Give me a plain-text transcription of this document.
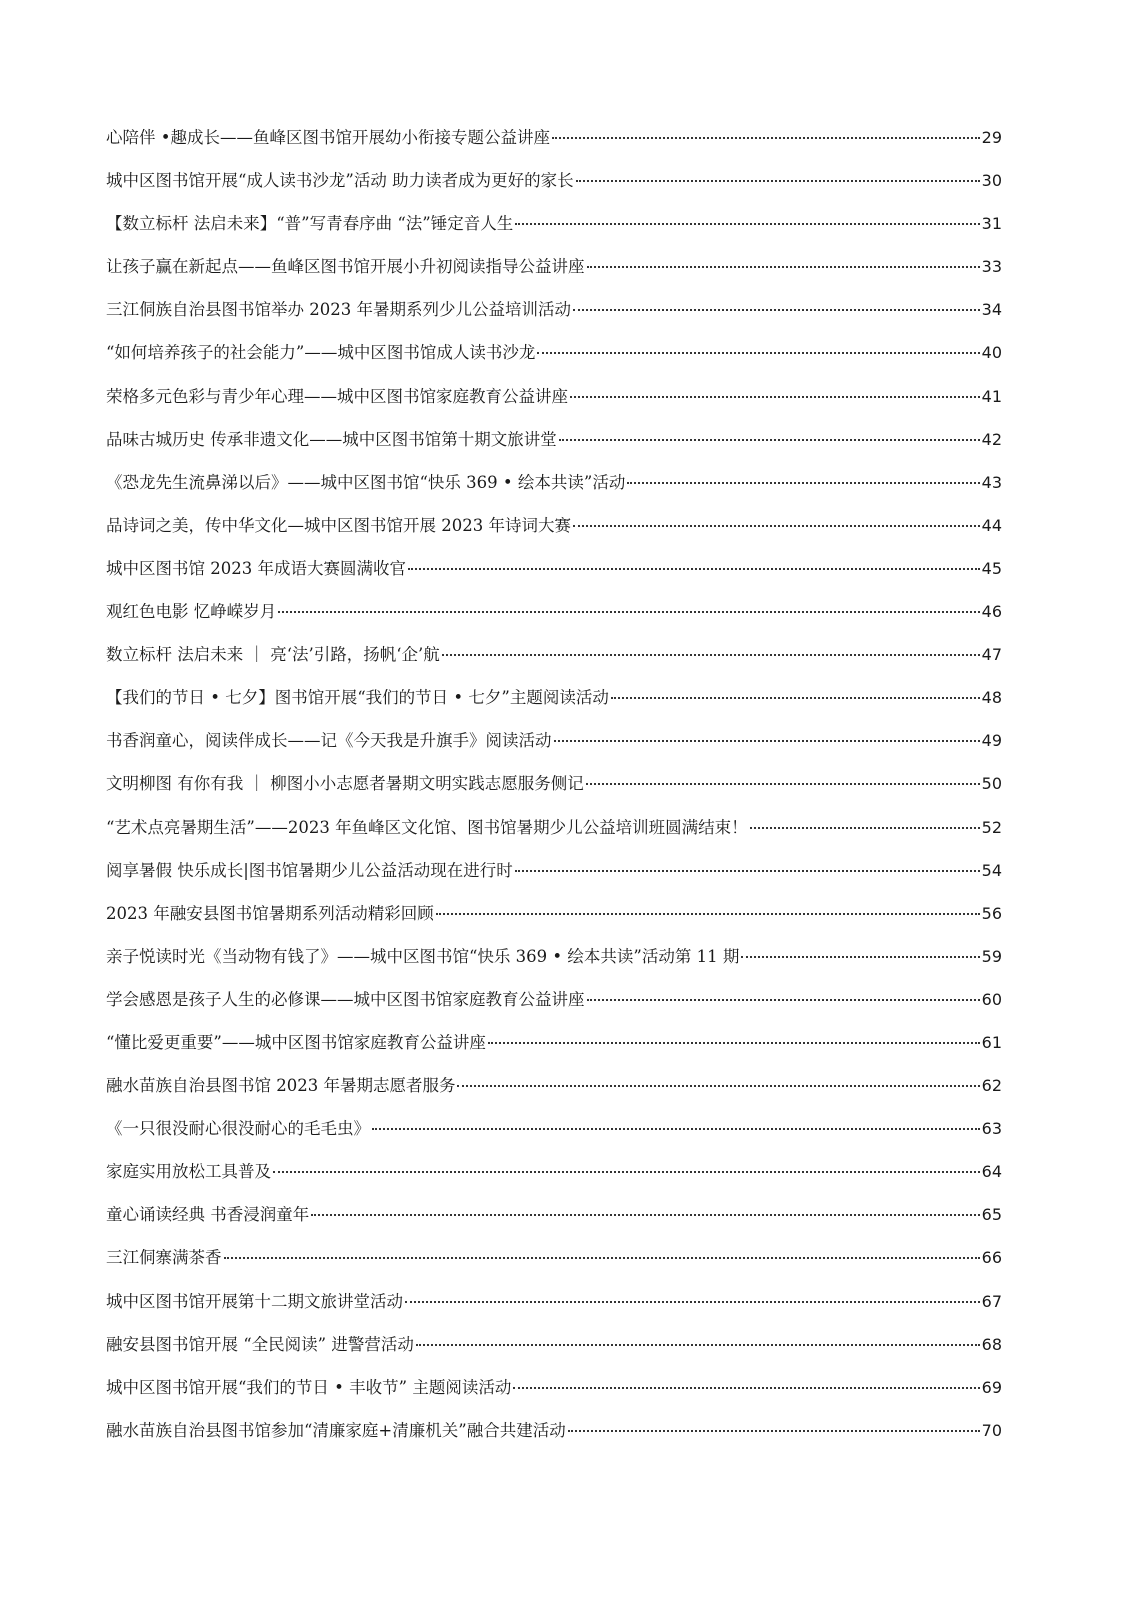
心陪伴 •趣成长——鱼峰区图书馆开展幼小衔接专题公益讲座	29
城中区图书馆开展“成人读书沙龙”活动 助力读者成为更好的家长	30
【数立标杆 法启未来】“普”写青春序曲 “法”锤定音人生	31
让孩子赢在新起点——鱼峰区图书馆开展小升初阅读指导公益讲座	33
三江侗族自治县图书馆举办 2023 年暑期系列少儿公益培训活动	34
“如何培养孩子的社会能力”——城中区图书馆成人读书沙龙	40
荣格多元色彩与青少年心理——城中区图书馆家庭教育公益讲座	41
品味古城历史 传承非遗文化——城中区图书馆第十期文旅讲堂	42
《恐龙先生流鼻涕以后》——城中区图书馆“快乐 369 • 绘本共读”活动	43
品诗词之美，传中华文化—城中区图书馆开展 2023 年诗词大赛	44
城中区图书馆 2023 年成语大赛圆满收官	45
观红色电影 忆峥嵘岁月	46
数立标杆 法启未来 ｜ 亮‘法’引路，扬帆‘企’航	47
【我们的节日 • 七夕】图书馆开展“我们的节日 • 七夕”主题阅读活动	48
书香润童心，阅读伴成长——记《今天我是升旗手》阅读活动	49
文明柳图 有你有我 ｜ 柳图小小志愿者暑期文明实践志愿服务侧记	50
“艺术点亮暑期生活”——2023 年鱼峰区文化馆、图书馆暑期少儿公益培训班圆满结束！	52
阅享暑假 快乐成长|图书馆暑期少儿公益活动现在进行时	54
2023 年融安县图书馆暑期系列活动精彩回顾	56
亲子悦读时光《当动物有钱了》——城中区图书馆“快乐 369 • 绘本共读”活动第 11 期	59
学会感恩是孩子人生的必修课——城中区图书馆家庭教育公益讲座	60
“懂比爱更重要”——城中区图书馆家庭教育公益讲座	61
融水苗族自治县图书馆 2023 年暑期志愿者服务	62
《一只很没耐心很没耐心的毛毛虫》	63
家庭实用放松工具普及	64
童心诵读经典 书香浸润童年	65
三江侗寨满茶香	66
城中区图书馆开展第十二期文旅讲堂活动	67
融安县图书馆开展 “全民阅读” 进警营活动	68
城中区图书馆开展“我们的节日 • 丰收节” 主题阅读活动	69
融水苗族自治县图书馆参加“清廉家庭+清廉机关”融合共建活动	70
